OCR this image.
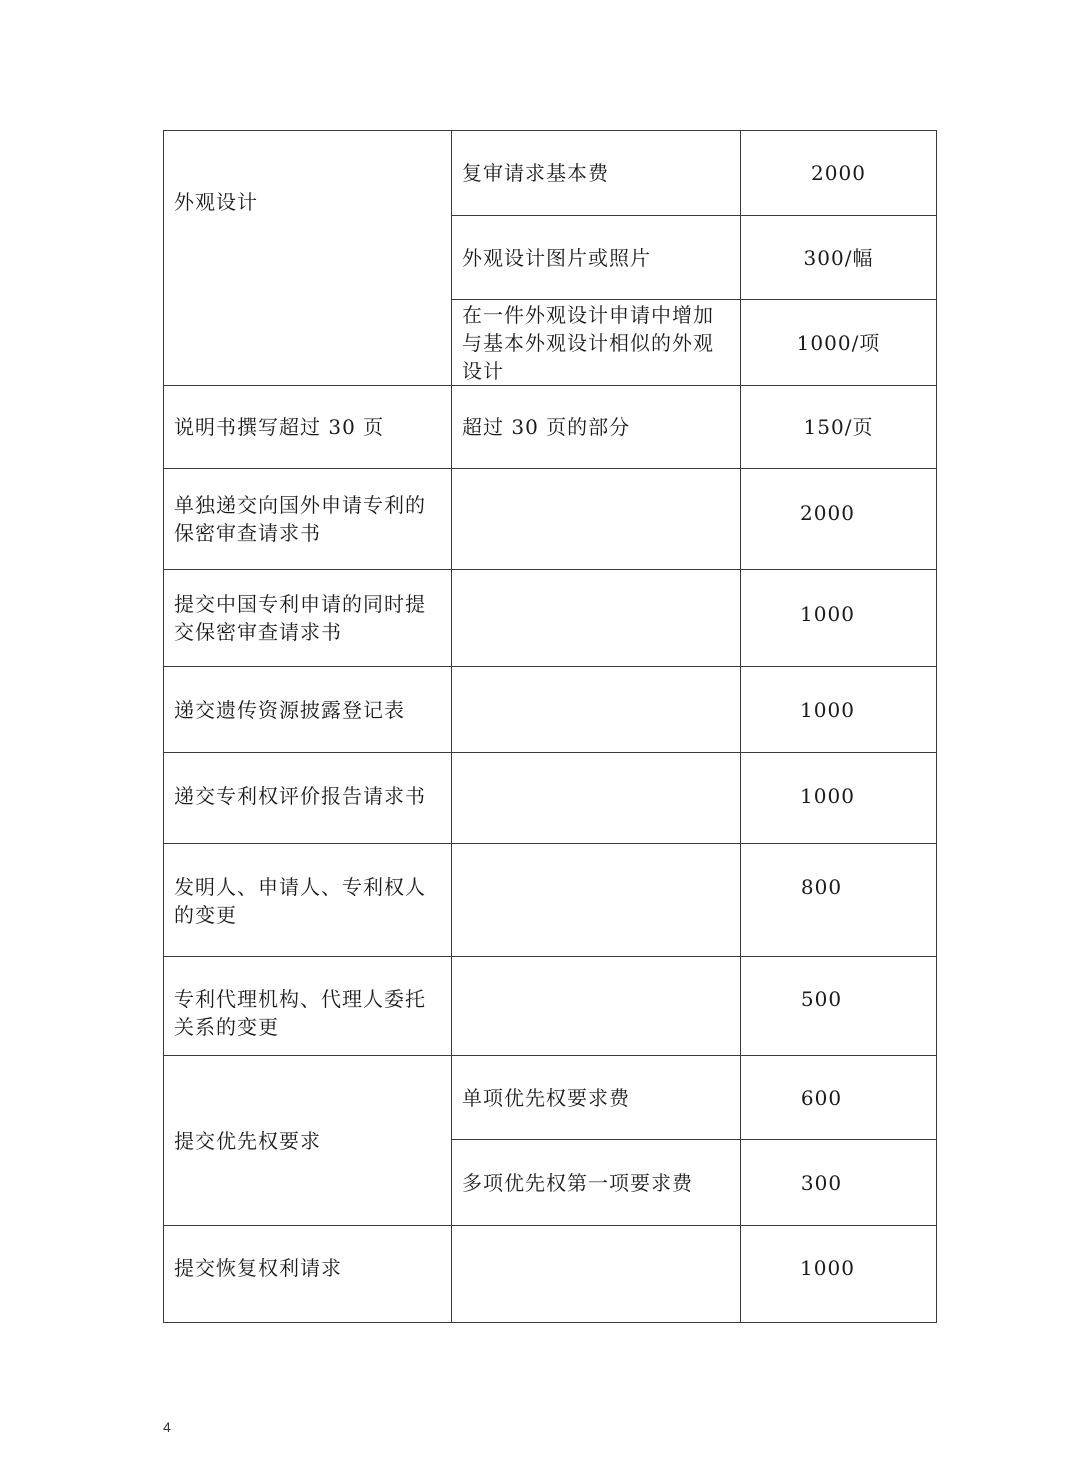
外观设计	复审请求基本费	2000
	外观设计图片或照片	300/幅
	在一件外观设计申请中增加与基本外观设计相似的外观设计	1000/项
说明书撰写超过 30 页	超过 30 页的部分	150/页
单独递交向国外申请专利的保密审查请求书		2000
提交中国专利申请的同时提交保密审查请求书		1000
递交遗传资源披露登记表		1000
递交专利权评价报告请求书		1000
发明人、申请人、专利权人的变更		800
专利代理机构、代理人委托关系的变更		500
提交优先权要求	单项优先权要求费	600
	多项优先权第一项要求费	300
提交恢复权利请求		1000
4
